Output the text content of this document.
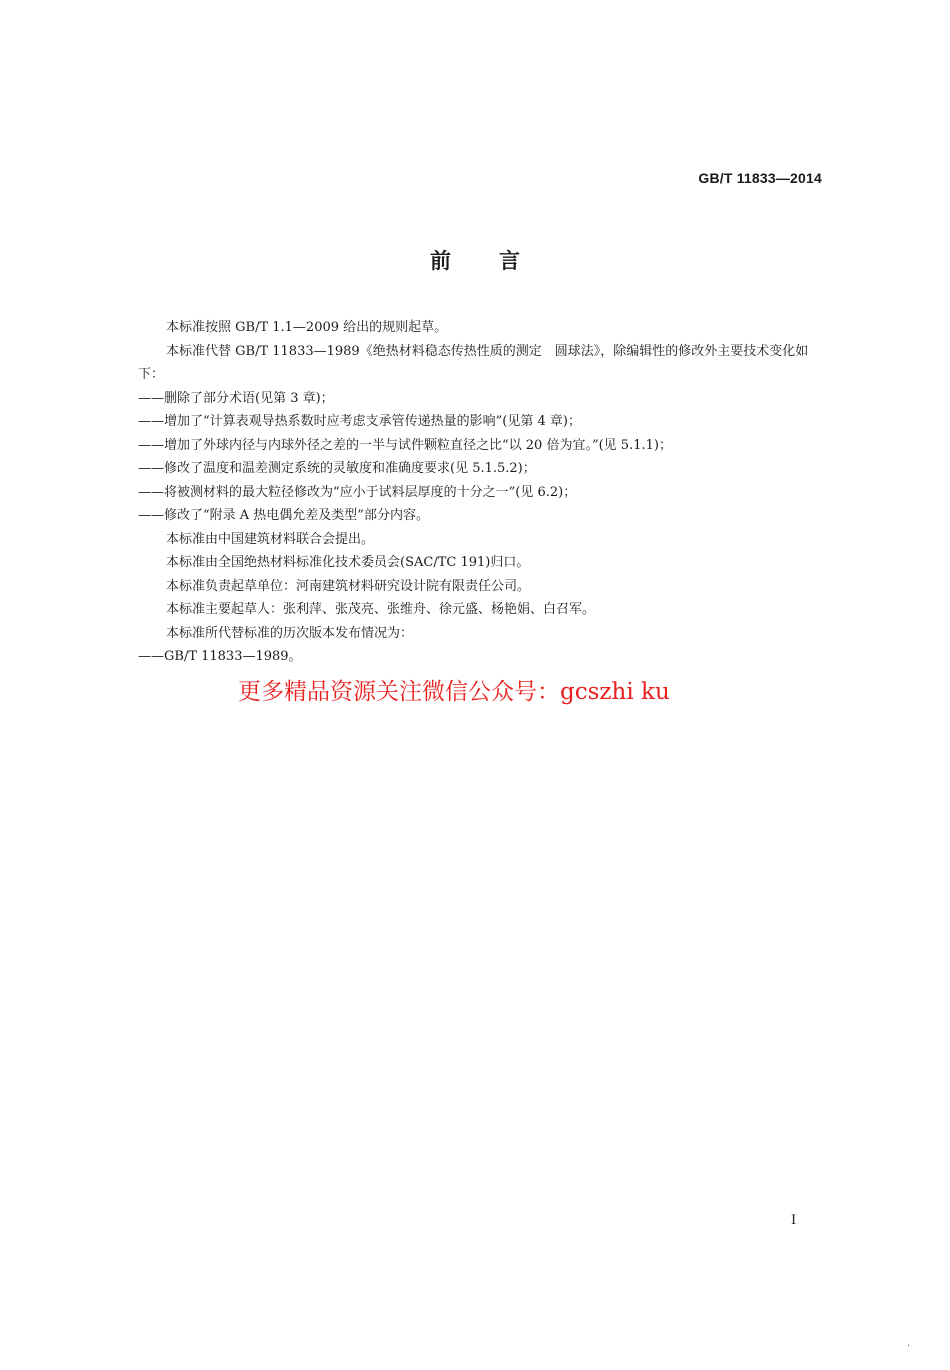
GB/T 11833—2014
前言

本标准按照 GB/T 1.1—2009 给出的规则起草。

本标准代替 GB/T 11833—1989《绝热材料稳态传热性质的测定　圆球法》，除编辑性的修改外主要技术变化如下：

——删除了部分术语(见第 3 章)；

——增加了“计算表观导热系数时应考虑支承管传递热量的影响”(见第 4 章)；

——增加了外球内径与内球外径之差的一半与试件颗粒直径之比“以 20 倍为宜。”(见 5.1.1)；

——修改了温度和温差测定系统的灵敏度和准确度要求(见 5.1.5.2)；

——将被测材料的最大粒径修改为“应小于试料层厚度的十分之一”(见 6.2)；

——修改了“附录 A 热电偶允差及类型”部分内容。

本标准由中国建筑材料联合会提出。

本标准由全国绝热材料标准化技术委员会(SAC/TC 191)归口。

本标准负责起草单位：河南建筑材料研究设计院有限责任公司。

本标准主要起草人：张利萍、张茂亮、张维舟、徐元盛、杨艳娟、白召军。

本标准所代替标准的历次版本发布情况为：

——GB/T 11833—1989。

更多精品资源关注微信公众号：gcszhi ku
I
.
